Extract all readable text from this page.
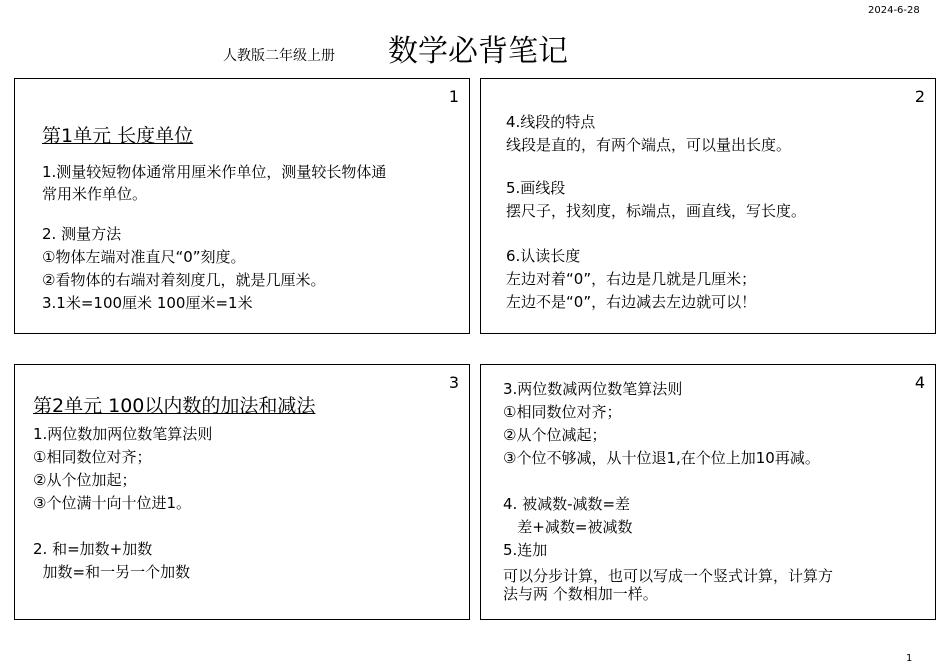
2024-6-28
人教版二年级上册 数学必背笔记
1
第1单元 长度单位
1.测量较短物体通常用厘米作单位，测量较长物体通
常用米作单位。
2. 测量方法
①物体左端对准直尺“0”刻度。
②看物体的右端对着刻度几，就是几厘米。
3.1米=100厘米 100厘米=1米
2
4.线段的特点
线段是直的，有两个端点，可以量出长度。
5.画线段
摆尺子，找刻度，标端点，画直线，写长度。
6.认读长度
左边对着“0”，右边是几就是几厘米；
左边不是“0”，右边减去左边就可以！
3
第2单元 100以内数的加法和减法
1.两位数加两位数笔算法则
①相同数位对齐；
②从个位加起；
③个位满十向十位进1。
2. 和=加数+加数
加数=和一另一个加数
4
3.两位数减两位数笔算法则
①相同数位对齐；
②从个位减起；
③个位不够减，从十位退1,在个位上加10再减。
4. 被减数-减数=差
差+减数=被减数
5.连加
可以分步计算，也可以写成一个竖式计算，计算方
法与两 个数相加一样。
1
